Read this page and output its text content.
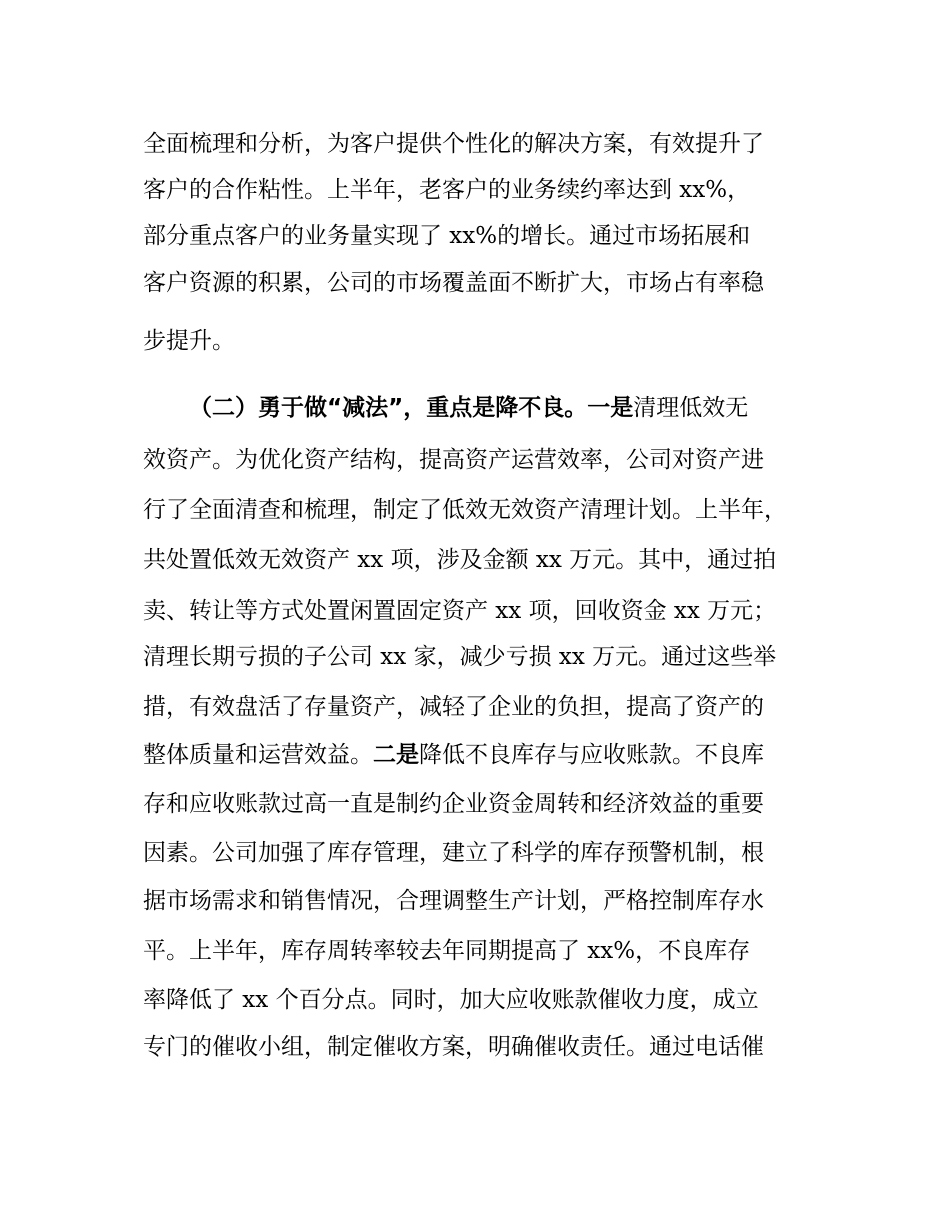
全面梳理和分析，为客户提供个性化的解决方案，有效提升了
客户的合作粘性。上半年，老客户的业务续约率达到 xx%，
部分重点客户的业务量实现了 xx%的增长。通过市场拓展和
客户资源的积累，公司的市场覆盖面不断扩大，市场占有率稳
步提升。
（二）勇于做“减法”，重点是降不良。一是清理低效无
效资产。为优化资产结构，提高资产运营效率，公司对资产进
行了全面清查和梳理，制定了低效无效资产清理计划。上半年，
共处置低效无效资产 xx 项，涉及金额 xx 万元。其中，通过拍
卖、转让等方式处置闲置固定资产 xx 项，回收资金 xx 万元；
清理长期亏损的子公司 xx 家，减少亏损 xx 万元。通过这些举
措，有效盘活了存量资产，减轻了企业的负担，提高了资产的
整体质量和运营效益。二是降低不良库存与应收账款。不良库
存和应收账款过高一直是制约企业资金周转和经济效益的重要
因素。公司加强了库存管理，建立了科学的库存预警机制，根
据市场需求和销售情况，合理调整生产计划，严格控制库存水
平。上半年，库存周转率较去年同期提高了 xx%，不良库存
率降低了 xx 个百分点。同时，加大应收账款催收力度，成立
专门的催收小组，制定催收方案，明确催收责任。通过电话催
